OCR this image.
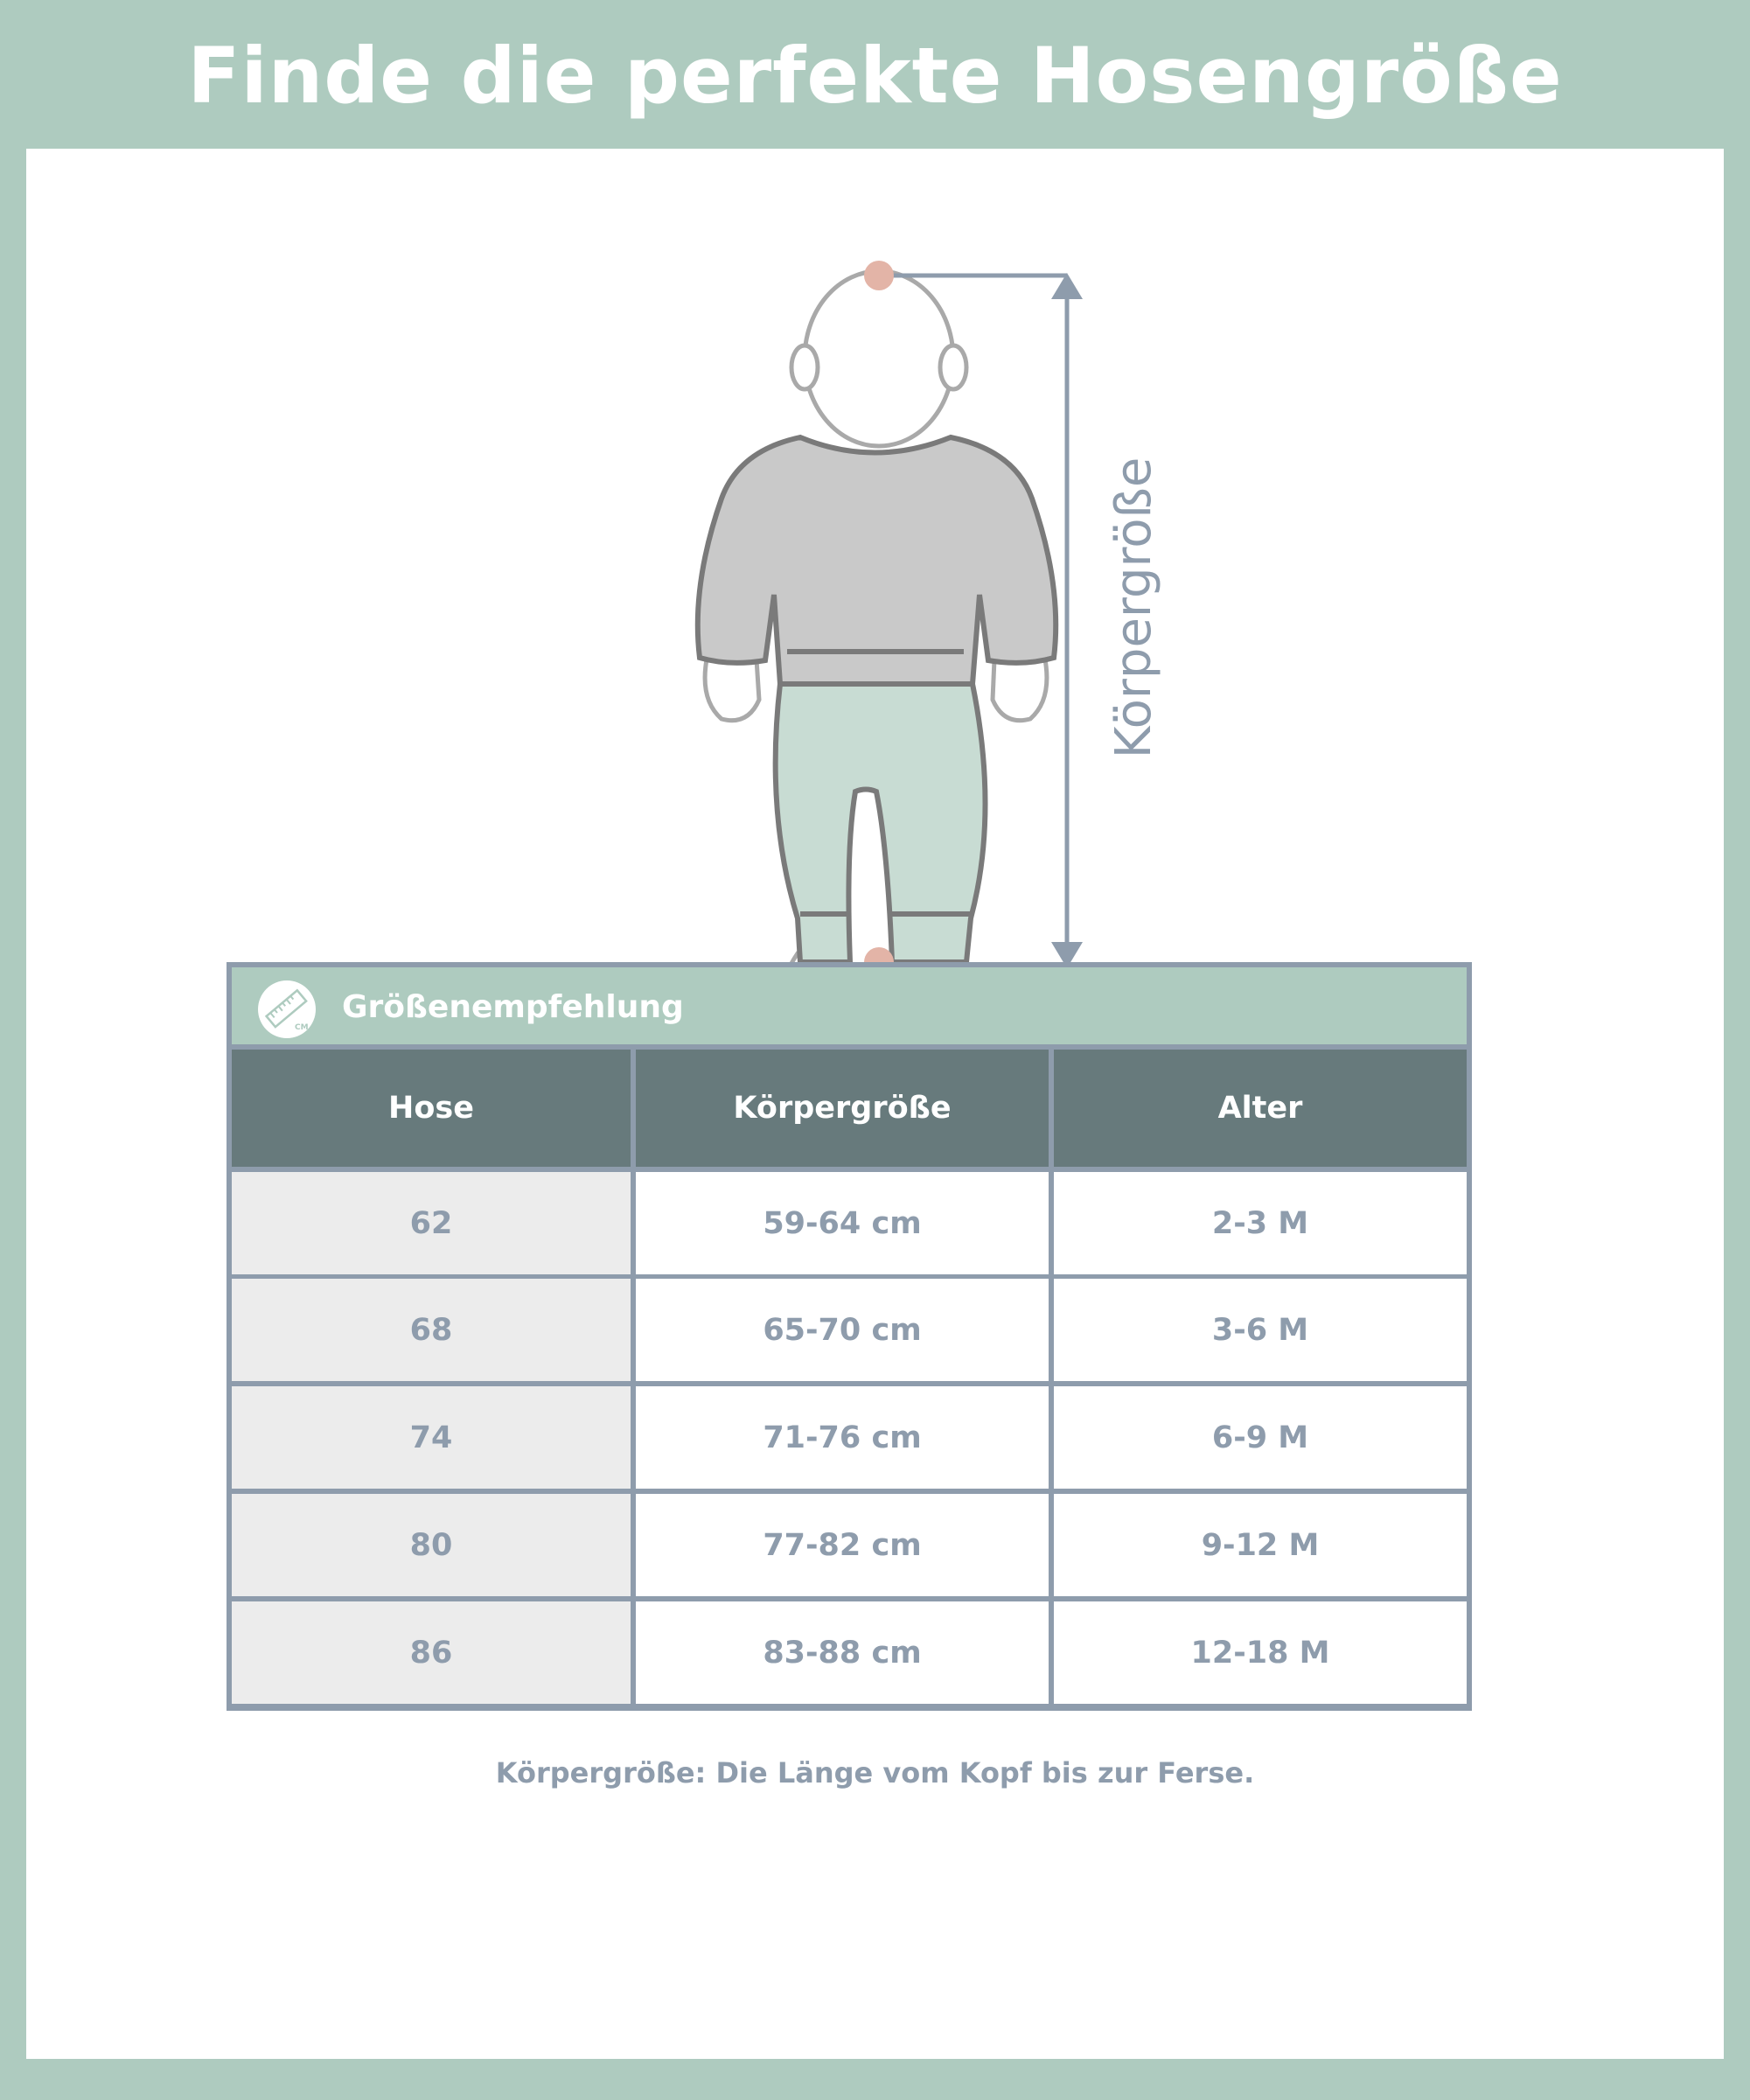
Finde die perfekte Hosengröße
Körpergröße
CM
Größenempfehlung
Hose	Körpergröße	Alter
62	59-64 cm	2-3 M
68	65-70 cm	3-6 M
74	71-76 cm	6-9 M
80	77-82 cm	9-12 M
86	83-88 cm	12-18 M
Körpergröße: Die Länge vom Kopf bis zur Ferse.
